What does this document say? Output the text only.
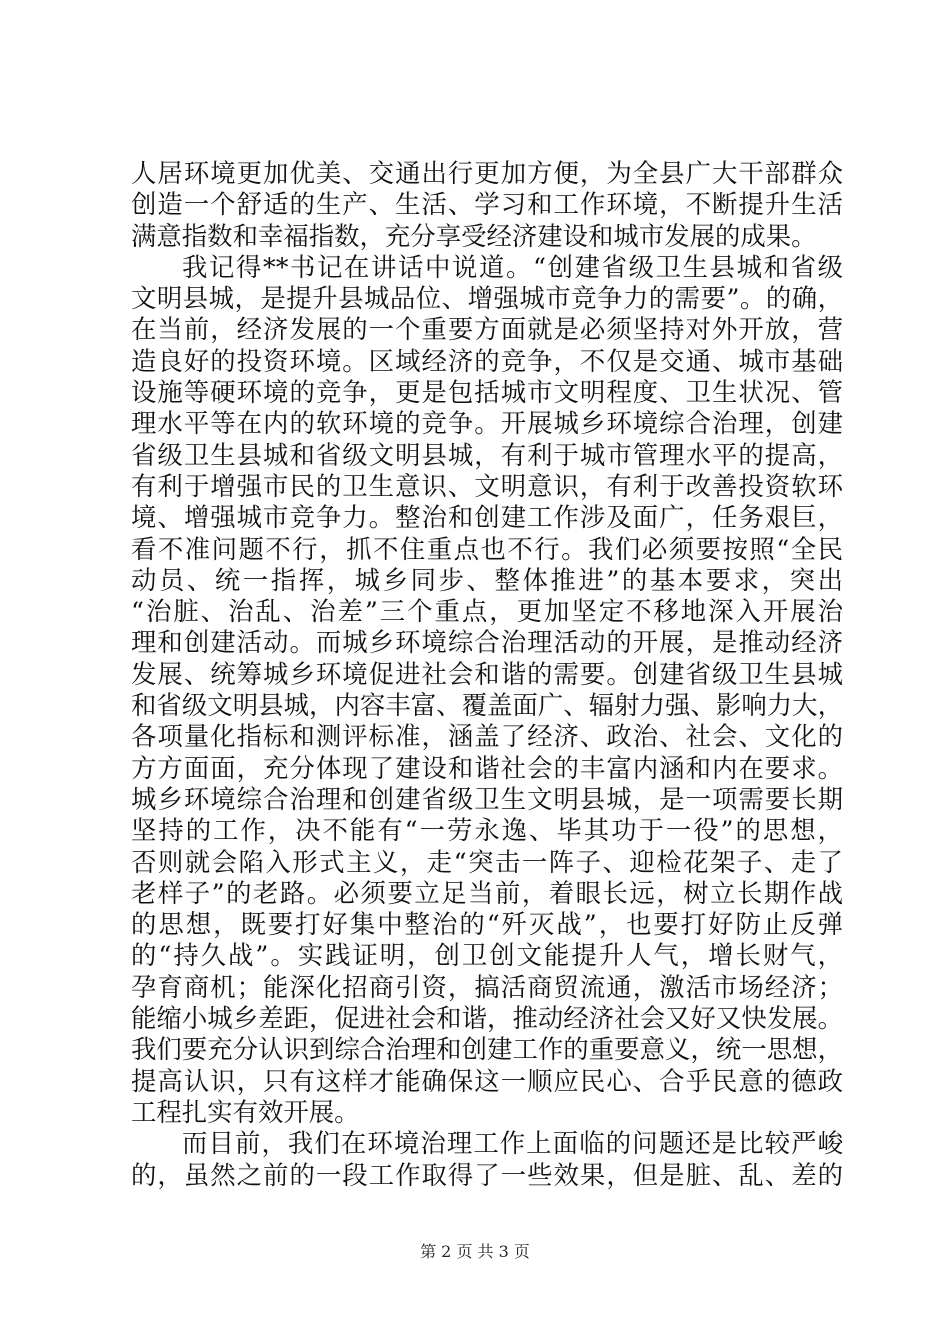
人居环境更加优美、交通出行更加方便，为全县广大干部群众
创造一个舒适的生产、生活、学习和工作环境，不断提升生活
满意指数和幸福指数，充分享受经济建设和城市发展的成果。
我记得**书记在讲话中说道。“创建省级卫生县城和省级
文明县城，是提升县城品位、增强城市竞争力的需要”。的确，
在当前，经济发展的一个重要方面就是必须坚持对外开放，营
造良好的投资环境。区域经济的竞争，不仅是交通、城市基础
设施等硬环境的竞争，更是包括城市文明程度、卫生状况、管
理水平等在内的软环境的竞争。开展城乡环境综合治理，创建
省级卫生县城和省级文明县城，有利于城市管理水平的提高，
有利于增强市民的卫生意识、文明意识，有利于改善投资软环
境、增强城市竞争力。整治和创建工作涉及面广，任务艰巨，
看不准问题不行，抓不住重点也不行。我们必须要按照“全民
动员、统一指挥，城乡同步、整体推进”的基本要求，突出
“治脏、治乱、治差”三个重点，更加坚定不移地深入开展治
理和创建活动。而城乡环境综合治理活动的开展，是推动经济
发展、统筹城乡环境促进社会和谐的需要。创建省级卫生县城
和省级文明县城，内容丰富、覆盖面广、辐射力强、影响力大，
各项量化指标和测评标准，涵盖了经济、政治、社会、文化的
方方面面，充分体现了建设和谐社会的丰富内涵和内在要求。
城乡环境综合治理和创建省级卫生文明县城，是一项需要长期
坚持的工作，决不能有“一劳永逸、毕其功于一役”的思想，
否则就会陷入形式主义，走“突击一阵子、迎检花架子、走了
老样子”的老路。必须要立足当前，着眼长远，树立长期作战
的思想，既要打好集中整治的“歼灭战”，也要打好防止反弹
的“持久战”。实践证明，创卫创文能提升人气，增长财气，
孕育商机；能深化招商引资，搞活商贸流通，激活市场经济；
能缩小城乡差距，促进社会和谐，推动经济社会又好又快发展。
我们要充分认识到综合治理和创建工作的重要意义，统一思想，
提高认识，只有这样才能确保这一顺应民心、合乎民意的德政
工程扎实有效开展。
而目前，我们在环境治理工作上面临的问题还是比较严峻
的，虽然之前的一段工作取得了一些效果，但是脏、乱、差的
第 2 页 共 3 页
